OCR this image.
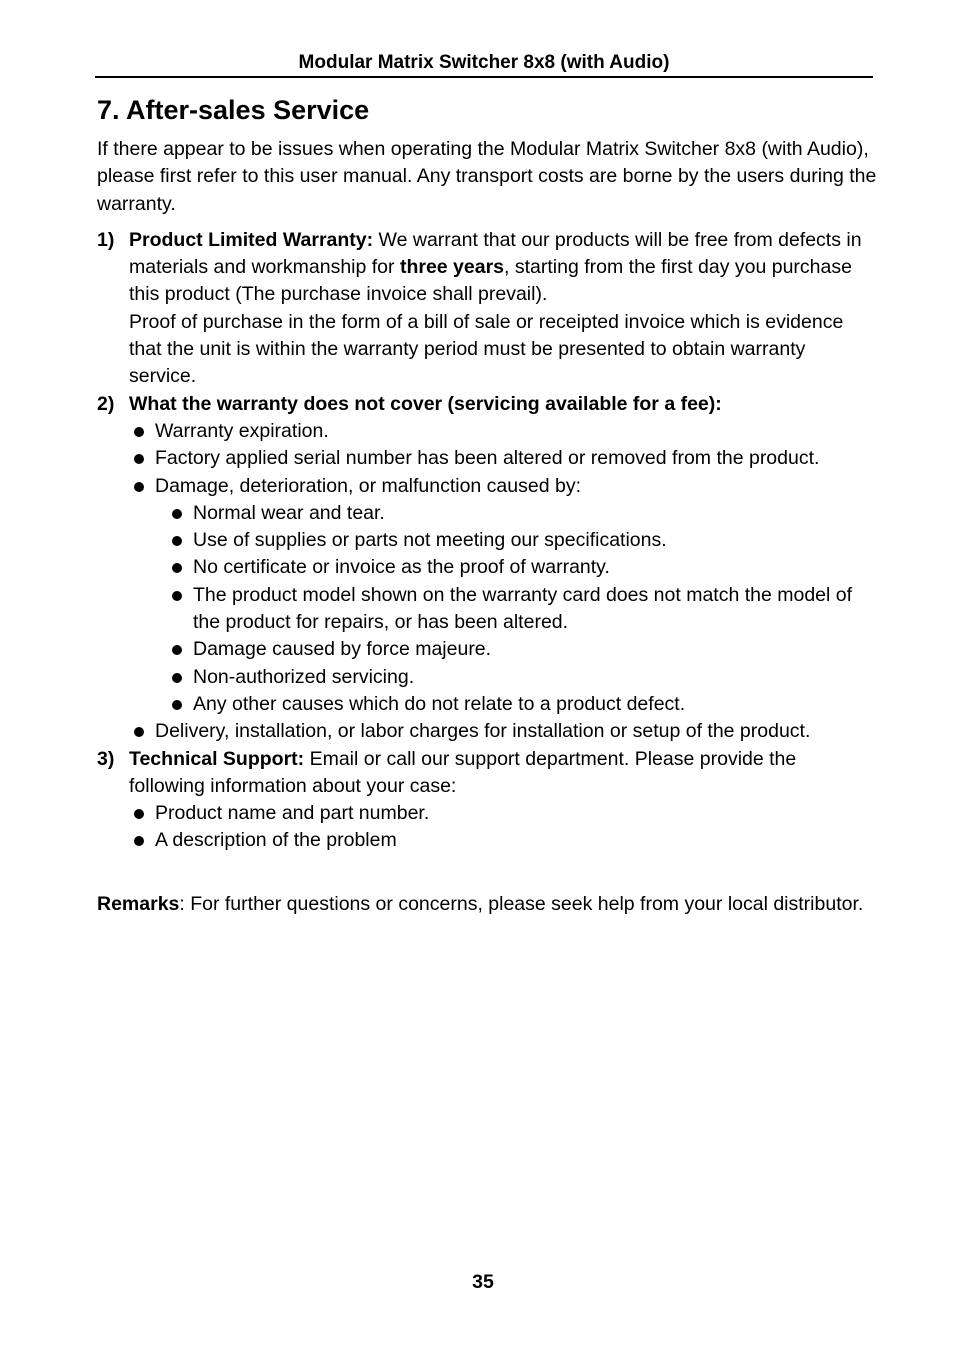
Modular Matrix Switcher 8x8 (with Audio)
7. After-sales Service

If there appear to be issues when operating the Modular Matrix Switcher 8x8 (with Audio), please first refer to this user manual. Any transport costs are borne by the users during the warranty.

1) Product Limited Warranty: We warrant that our products will be free from defects in materials and workmanship for three years, starting from the first day you purchase this product (The purchase invoice shall prevail).

Proof of purchase in the form of a bill of sale or receipted invoice which is evidence that the unit is within the warranty period must be presented to obtain warranty service.

2) What the warranty does not cover (servicing available for a fee):

Warranty expiration.
Factory applied serial number has been altered or removed from the product.
Damage, deterioration, or malfunction caused by:
Normal wear and tear.
Use of supplies or parts not meeting our specifications.
No certificate or invoice as the proof of warranty.
The product model shown on the warranty card does not match the model of the product for repairs, or has been altered.
Damage caused by force majeure.
Non-authorized servicing.
Any other causes which do not relate to a product defect.
Delivery, installation, or labor charges for installation or setup of the product.
3) Technical Support: Email or call our support department. Please provide the following information about your case:

Product name and part number.
A description of the problem

Remarks: For further questions or concerns, please seek help from your local distributor.

35
